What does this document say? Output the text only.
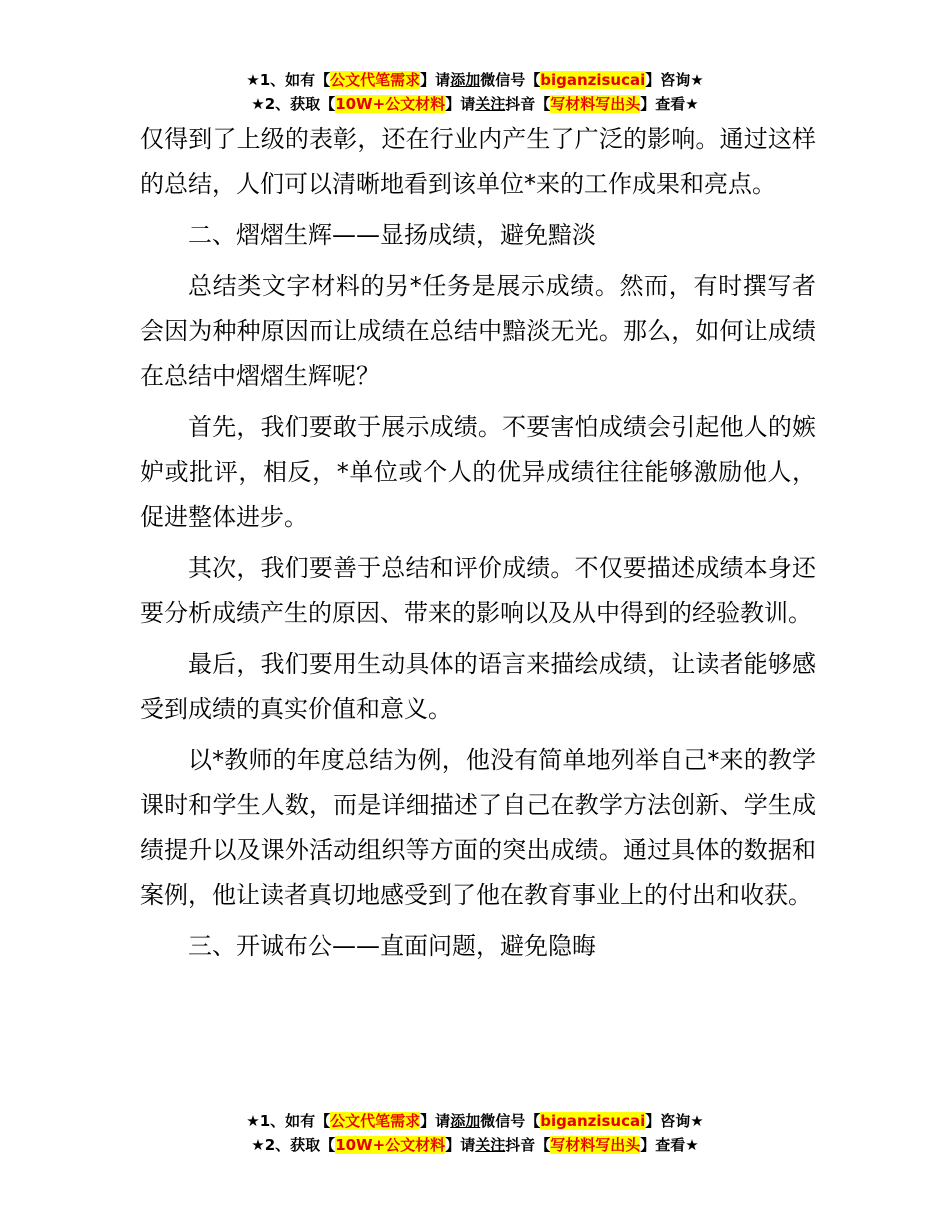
★1、如有【公文代笔需求】请添加微信号【biganzisucai】咨询★
★2、获取【10W+公文材料】请关注抖音【写材料写出头】查看★

仅得到了上级的表彰，还在行业内产生了广泛的影响。通过这样的总结，人们可以清晰地看到该单位*来的工作成果和亮点。

二、熠熠生辉——显扬成绩，避免黯淡

总结类文字材料的另*任务是展示成绩。然而，有时撰写者会因为种种原因而让成绩在总结中黯淡无光。那么，如何让成绩在总结中熠熠生辉呢？

首先，我们要敢于展示成绩。不要害怕成绩会引起他人的嫉妒或批评，相反，*单位或个人的优异成绩往往能够激励他人，促进整体进步。

其次，我们要善于总结和评价成绩。不仅要描述成绩本身还要分析成绩产生的原因、带来的影响以及从中得到的经验教训。

最后，我们要用生动具体的语言来描绘成绩，让读者能够感受到成绩的真实价值和意义。

以*教师的年度总结为例，他没有简单地列举自己*来的教学课时和学生人数，而是详细描述了自己在教学方法创新、学生成绩提升以及课外活动组织等方面的突出成绩。通过具体的数据和案例，他让读者真切地感受到了他在教育事业上的付出和收获。

三、开诚布公——直面问题，避免隐晦

★1、如有【公文代笔需求】请添加微信号【biganzisucai】咨询★
★2、获取【10W+公文材料】请关注抖音【写材料写出头】查看★
